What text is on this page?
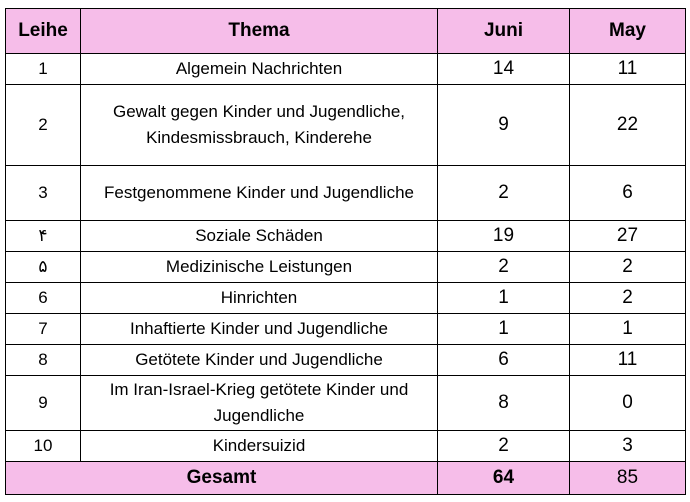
Leihe	Thema	Juni	May
1	Algemein Nachrichten	14	11
2	Gewalt gegen Kinder und Jugendliche, Kindesmissbrauch, Kinderehe	9	22
3	Festgenommene Kinder und Jugendliche	2	6
۴	Soziale Schäden	19	27
۵	Medizinische Leistungen	2	2
6	Hinrichten	1	2
7	Inhaftierte Kinder und Jugendliche	1	1
8	Getötete Kinder und Jugendliche	6	11
9	Im Iran-Israel-Krieg getötete Kinder und Jugendliche	8	0
10	Kindersuizid	2	3
Gesamt		64	85
